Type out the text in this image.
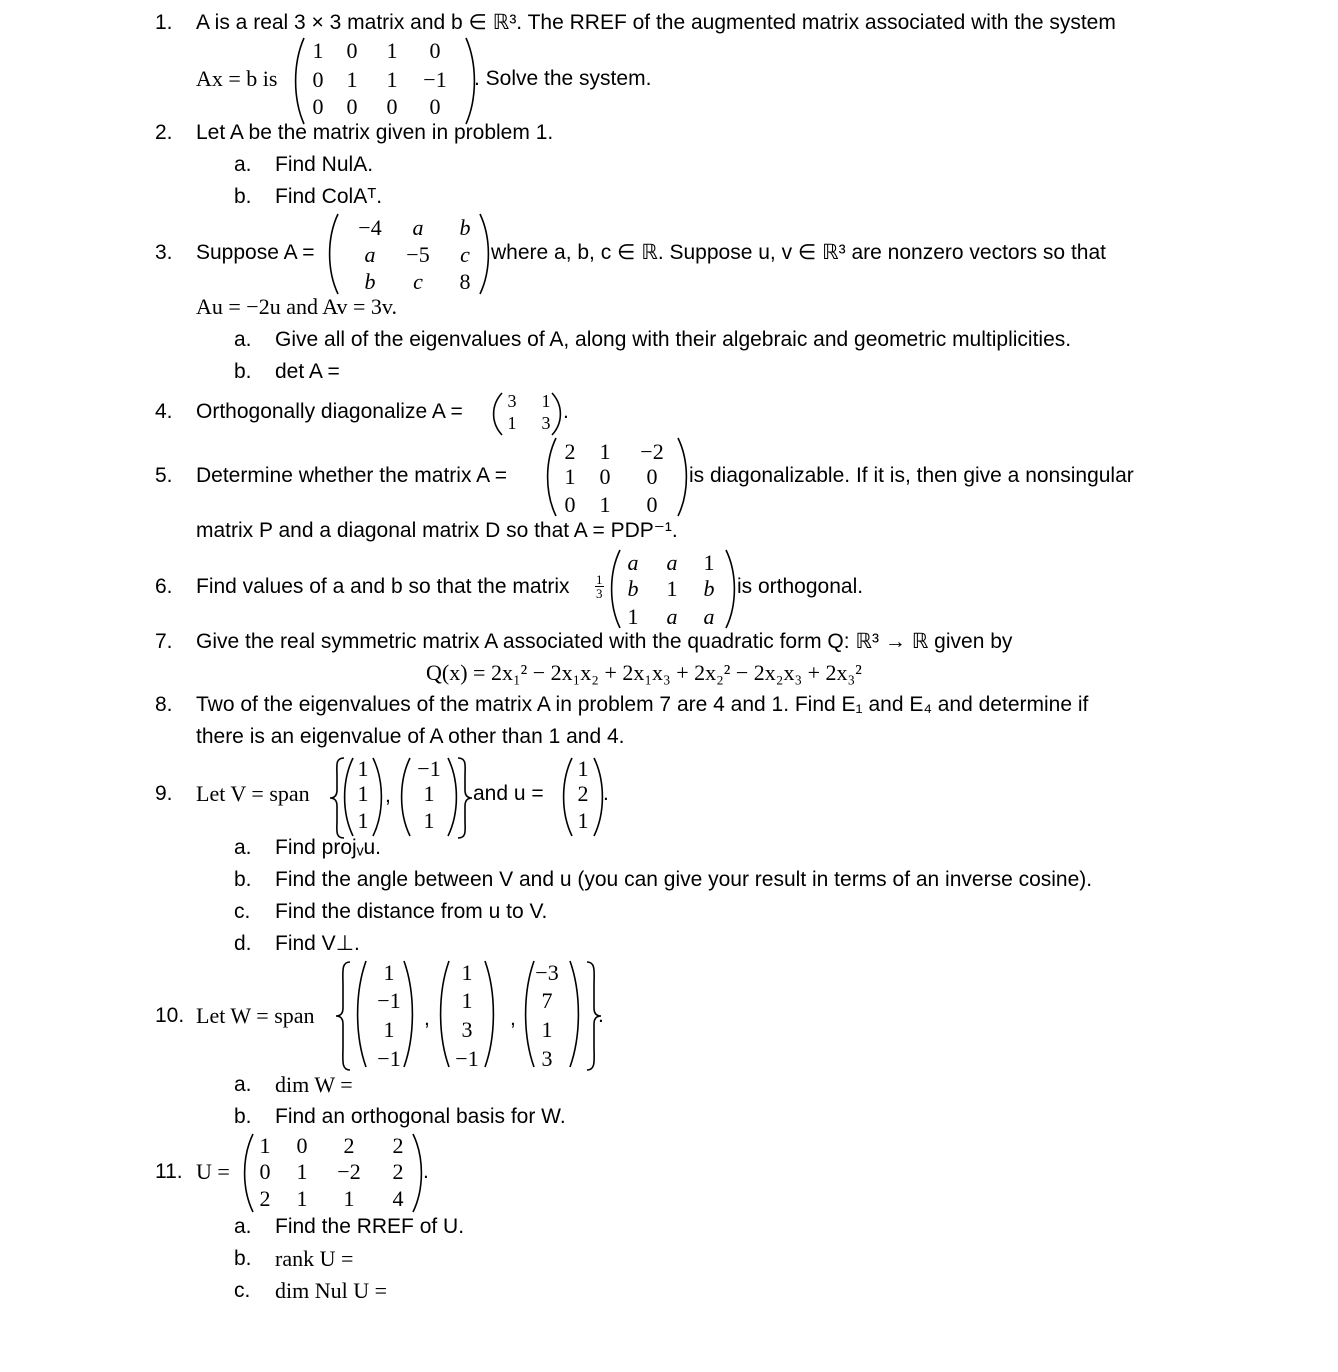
1. A is a real 3 × 3 matrix and b ∈ ℝ³. The RREF of the augmented matrix associated with the system
Ax = b is
1 0 1 0
0 1 1 −1
0 0 0 0
. Solve the system.
2. Let A be the matrix given in problem 1.
a. Find NulA.
b. Find ColAᵀ.
3. Suppose A =
−4 a b
a −5 c
b c 8
where a, b, c ∈ ℝ. Suppose u, v ∈ ℝ³ are nonzero vectors so that
Au = −2u and Av = 3v.
a. Give all of the eigenvalues of A, along with their algebraic and geometric multiplicities.
b. det A =
4. Orthogonally diagonalize A = 3 1
1 3 .
5. Determine whether the matrix A =
2 1 −2
1 0 0
0 1 0
is diagonalizable. If it is, then give a nonsingular
matrix P and a diagonal matrix D so that A = PDP⁻¹.
6. Find values of a and b so that the matrix $\frac{1}{3}$
a a 1
b 1 b
1 a a
is orthogonal.
7. Give the real symmetric matrix A associated with the quadratic form Q: ℝ³ → ℝ given by
Q(x) = 2x₁² − 2x₁x₂ + 2x₁x₃ + 2x₂² − 2x₂x₃ + 2x₃²
8. Two of the eigenvalues of the matrix A in problem 7 are 4 and 1. Find E₁ and E₄ and determine if
there is an eigenvalue of A other than 1 and 4.
9. Let V = span
1
1
1
,
−1
1
1
and u =
1
2
1
.
a. Find projᵥu.
b. Find the angle between V and u (you can give your result in terms of an inverse cosine).
c. Find the distance from u to V.
d. Find V⊥.
10. Let W = span
1
−1
1
−1
,
1
1
3
−1
,
−3
7
1
3
.
a. dim W =
b. Find an orthogonal basis for W.
11. U =
1 0 2 2
0 1 −2 2
2 1 1 4
.
a. Find the RREF of U.
b. rank U =
c. dim Nul U =
